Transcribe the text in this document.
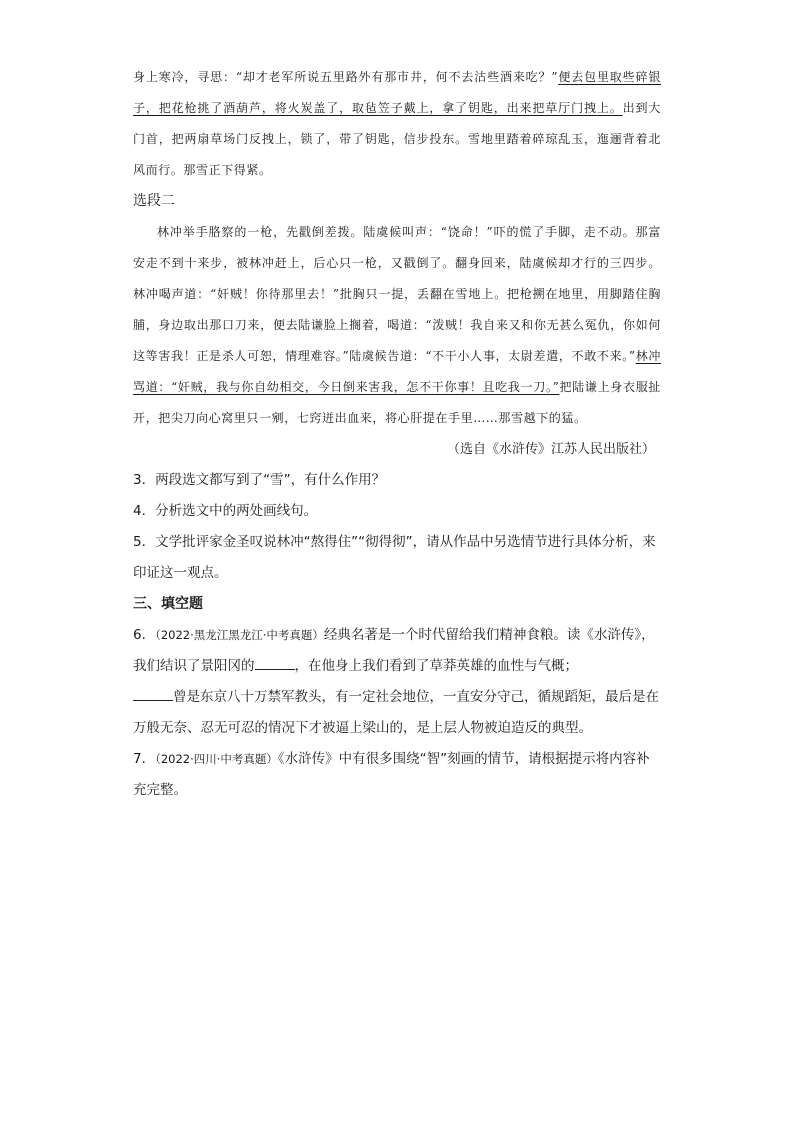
身上寒冷，寻思：“却才老军所说五里路外有那市井，何不去沽些酒来吃？”便去包里取些碎银子，把花枪挑了酒葫芦，将火炭盖了，取毡笠子戴上，拿了钥匙，出来把草厅门拽上。出到大门首，把两扇草场门反拽上，锁了，带了钥匙，信步投东。雪地里踏着碎琼乱玉，迤逦背着北风而行。那雪正下得紧。

选段二

林冲举手胳察的一枪，先戳倒差拨。陆虞候叫声：“饶命！”吓的慌了手脚，走不动。那富安走不到十来步，被林冲赶上，后心只一枪，又戳倒了。翻身回来，陆虞候却才行的三四步。林冲喝声道：“奸贼！你待那里去！”批胸只一提，丢翻在雪地上。把枪搠在地里，用脚踏住胸脯，身边取出那口刀来，便去陆谦脸上搁着，喝道：“泼贼！我自来又和你无甚么冤仇，你如何这等害我！正是杀人可恕，情理难容。”陆虞候告道：“不干小人事，太尉差遣，不敢不来。”林冲骂道：“奸贼，我与你自幼相交，今日倒来害我，怎不干你事！且吃我一刀。”把陆谦上身衣服扯开，把尖刀向心窝里只一剜，七窍迸出血来，将心肝提在手里……那雪越下的猛。

（选自《水浒传》江苏人民出版社）

3．两段选文都写到了“雪”，有什么作用？

4．分析选文中的两处画线句。

5．文学批评家金圣叹说林冲“熬得住”“彻得彻”，请从作品中另选情节进行具体分析，来印证这一观点。

三、填空题

6．（2022·黑龙江黑龙江·中考真题）经典名著是一个时代留给我们精神食粮。读《水浒传》，我们结识了景阳冈的	，在他身上我们看到了草莽英雄的血性与气概；
曾是东京八十万禁军教头，有一定社会地位，一直安分守己，循规蹈矩，最后是在万般无奈、忍无可忍的情况下才被逼上梁山的，是上层人物被迫造反的典型。

7．（2022·四川·中考真题）《水浒传》中有很多围绕“智”刻画的情节，请根据提示将内容补充完整。
